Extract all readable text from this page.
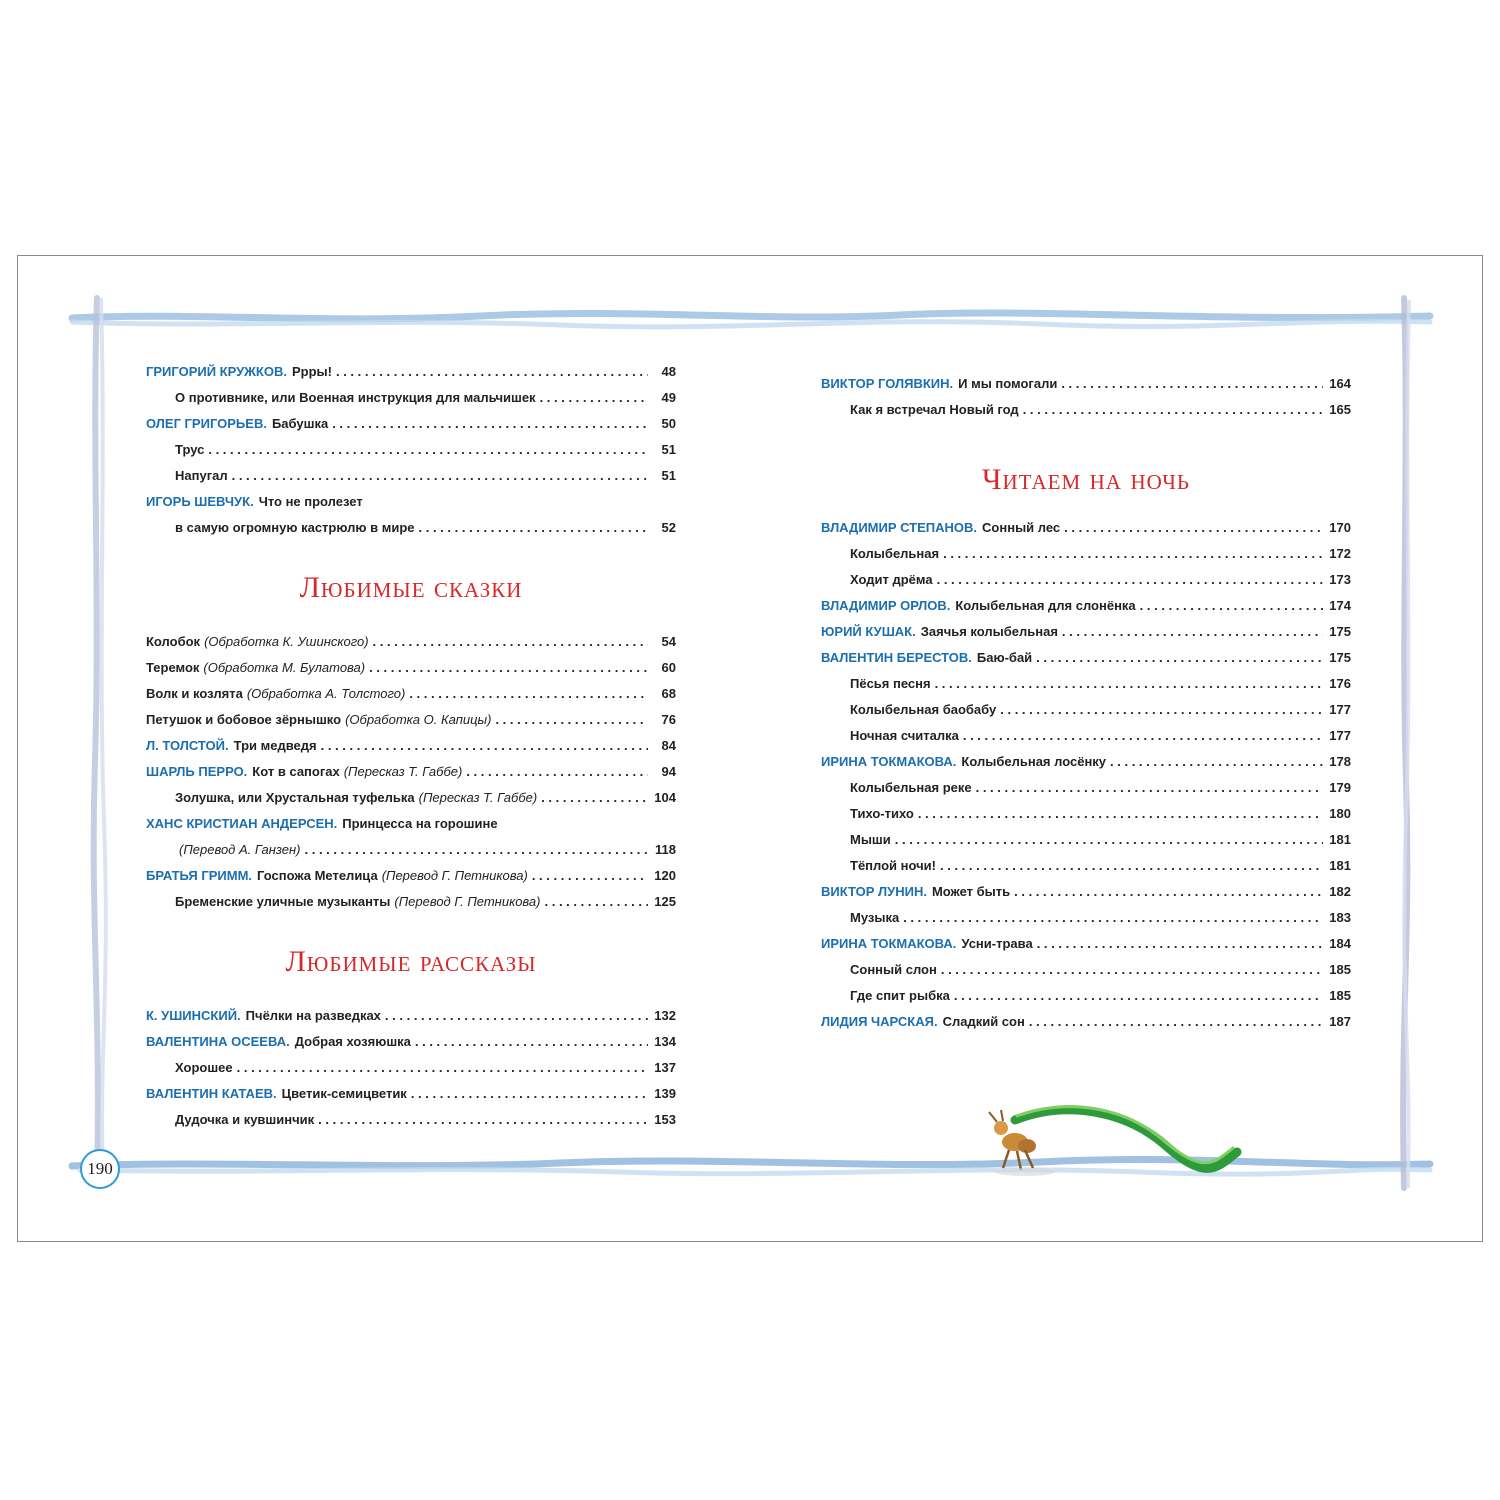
ГРИГОРИЙ КРУЖКОВ. Ррры! . . .	48
О противнике, или Военная инструкция для мальчишек . . .	49
ОЛЕГ ГРИГОРЬЕВ. Бабушка . . .	50
Трус . . .	51
Напугал . . .	51
ИГОРЬ ШЕВЧУК. Что не пролезет
в самую огромную кастрюлю в мире . . .	52
Любимые сказки
Колобок (Обработка К. Ушинского) . . .	54
Теремок (Обработка М. Булатова) . . .	60
Волк и козлята (Обработка А. Толстого) . . .	68
Петушок и бобовое зёрнышко (Обработка О. Капицы) . . .	76
Л. ТОЛСТОЙ. Три медведя . . .	84
ШАРЛЬ ПЕРРО. Кот в сапогах (Пересказ Т. Габбе) . . .	94
Золушка, или Хрустальная туфелька (Пересказ Т. Габбе) . . .	104
ХАНС КРИСТИАН АНДЕРСЕН. Принцесса на горошине
(Перевод А. Ганзен) . . .	118
БРАТЬЯ ГРИММ. Госпожа Метелица (Перевод Г. Петникова) . . .	120
Бременские уличные музыканты (Перевод Г. Петникова) . . .	125
Любимые рассказы
К. УШИНСКИЙ. Пчёлки на разведках . . .	132
ВАЛЕНТИНА ОСЕЕВА. Добрая хозяюшка . . .	134
Хорошее . . .	137
ВАЛЕНТИН КАТАЕВ. Цветик-семицветик . . .	139
Дудочка и кувшинчик . . .	153
ВИКТОР ГОЛЯВКИН. И мы помогали . . .	164
Как я встречал Новый год . . .	165
Читаем на ночь
ВЛАДИМИР СТЕПАНОВ. Сонный лес . . .	170
Колыбельная . . .	172
Ходит дрёма . . .	173
ВЛАДИМИР ОРЛОВ. Колыбельная для слонёнка . . .	174
ЮРИЙ КУШАК. Заячья колыбельная . . .	175
ВАЛЕНТИН БЕРЕСТОВ. Баю-бай . . .	175
Пёсья песня . . .	176
Колыбельная баобабу . . .	177
Ночная считалка . . .	177
ИРИНА ТОКМАКОВА. Колыбельная лосёнку . . .	178
Колыбельная реке . . .	179
Тихо-тихо . . .	180
Мыши . . .	181
Тёплой ночи! . . .	181
ВИКТОР ЛУНИН. Может быть . . .	182
Музыка . . .	183
ИРИНА ТОКМАКОВА. Усни-трава . . .	184
Сонный слон . . .	185
Где спит рыбка . . .	185
ЛИДИЯ ЧАРСКАЯ. Сладкий сон . . .	187
190
